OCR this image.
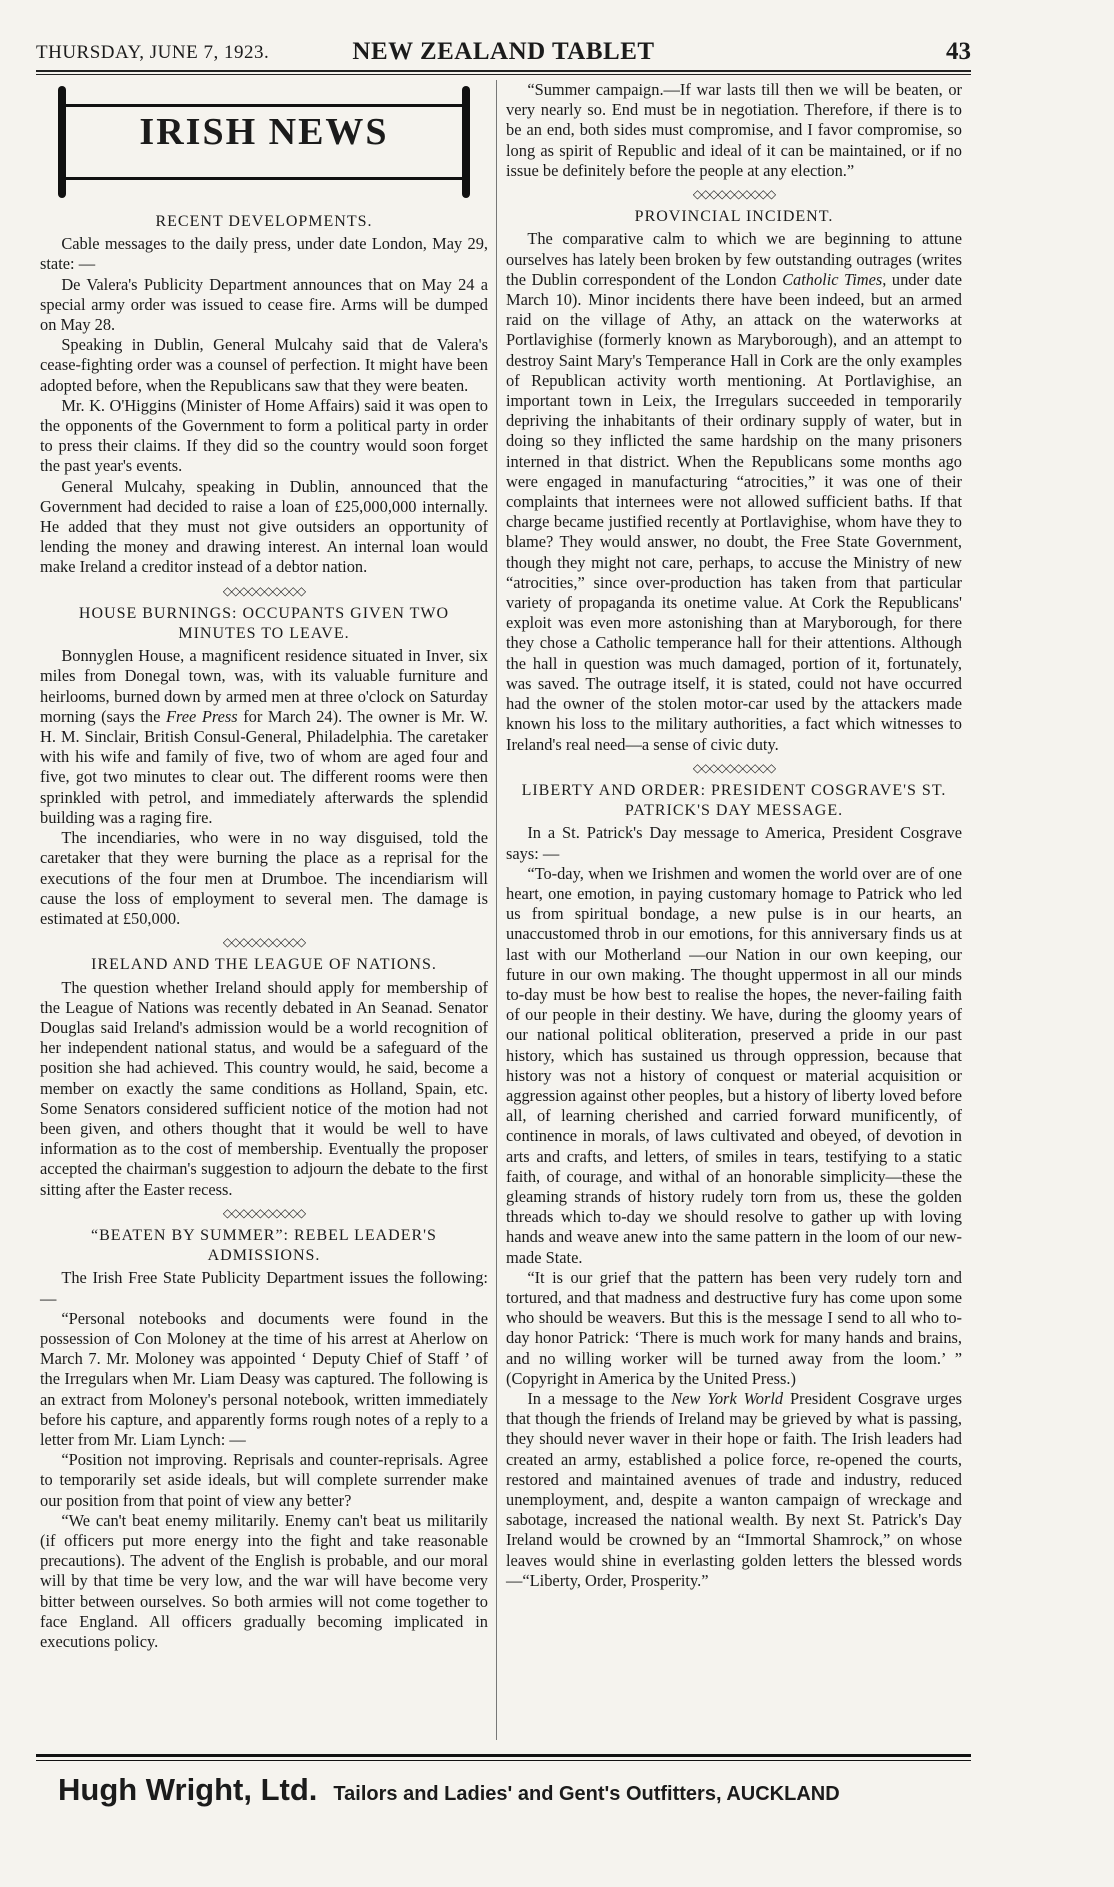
THURSDAY, JUNE 7, 1923.	NEW ZEALAND TABLET	43
IRISH NEWS
RECENT DEVELOPMENTS.

Cable messages to the daily press, under date London, May 29, state: —

De Valera's Publicity Department announces that on May 24 a special army order was issued to cease fire. Arms will be dumped on May 28.

Speaking in Dublin, General Mulcahy said that de Valera's cease-fighting order was a counsel of perfection. It might have been adopted before, when the Republicans saw that they were beaten.

Mr. K. O'Higgins (Minister of Home Affairs) said it was open to the opponents of the Government to form a political party in order to press their claims. If they did so the country would soon forget the past year's events.

General Mulcahy, speaking in Dublin, announced that the Government had decided to raise a loan of £25,000,000 internally. He added that they must not give outsiders an opportunity of lending the money and drawing interest. An internal loan would make Ireland a creditor instead of a debtor nation.

◇◇◇◇◇◇◇◇◇◇
HOUSE BURNINGS: OCCUPANTS GIVEN TWO MINUTES TO LEAVE.

Bonnyglen House, a magnificent residence situated in Inver, six miles from Donegal town, was, with its valuable furniture and heirlooms, burned down by armed men at three o'clock on Saturday morning (says the Free Press for March 24). The owner is Mr. W. H. M. Sinclair, British Consul-General, Philadelphia. The caretaker with his wife and family of five, two of whom are aged four and five, got two minutes to clear out. The different rooms were then sprinkled with petrol, and immediately afterwards the splendid building was a raging fire.

The incendiaries, who were in no way disguised, told the caretaker that they were burning the place as a reprisal for the executions of the four men at Drumboe. The incendiarism will cause the loss of employment to several men. The damage is estimated at £50,000.

◇◇◇◇◇◇◇◇◇◇
IRELAND AND THE LEAGUE OF NATIONS.

The question whether Ireland should apply for membership of the League of Nations was recently debated in An Seanad. Senator Douglas said Ireland's admission would be a world recognition of her independent national status, and would be a safeguard of the position she had achieved. This country would, he said, become a member on exactly the same conditions as Holland, Spain, etc. Some Senators considered sufficient notice of the motion had not been given, and others thought that it would be well to have information as to the cost of membership. Eventually the proposer accepted the chairman's suggestion to adjourn the debate to the first sitting after the Easter recess.

◇◇◇◇◇◇◇◇◇◇
“BEATEN BY SUMMER”: REBEL LEADER'S ADMISSIONS.

The Irish Free State Publicity Department issues the following: —

“Personal notebooks and documents were found in the possession of Con Moloney at the time of his arrest at Aherlow on March 7. Mr. Moloney was appointed ‘ Deputy Chief of Staff ’ of the Irregulars when Mr. Liam Deasy was captured. The following is an extract from Moloney's personal notebook, written immediately before his capture, and apparently forms rough notes of a reply to a letter from Mr. Liam Lynch: —

“Position not improving. Reprisals and counter-reprisals. Agree to temporarily set aside ideals, but will complete surrender make our position from that point of view any better?

“We can't beat enemy militarily. Enemy can't beat us militarily (if officers put more energy into the fight and take reasonable precautions). The advent of the English is probable, and our moral will by that time be very low, and the war will have become very bitter between ourselves. So both armies will not come together to face England. All officers gradually becoming implicated in executions policy.

“Summer campaign.—If war lasts till then we will be beaten, or very nearly so. End must be in negotiation. Therefore, if there is to be an end, both sides must compromise, and I favor compromise, so long as spirit of Republic and ideal of it can be maintained, or if no issue be definitely before the people at any election.”

◇◇◇◇◇◇◇◇◇◇
PROVINCIAL INCIDENT.

The comparative calm to which we are beginning to attune ourselves has lately been broken by few outstanding outrages (writes the Dublin correspondent of the London Catholic Times, under date March 10). Minor incidents there have been indeed, but an armed raid on the village of Athy, an attack on the waterworks at Portlavighise (formerly known as Maryborough), and an attempt to destroy Saint Mary's Temperance Hall in Cork are the only examples of Republican activity worth mentioning. At Portlavighise, an important town in Leix, the Irregulars succeeded in temporarily depriving the inhabitants of their ordinary supply of water, but in doing so they inflicted the same hardship on the many prisoners interned in that district. When the Republicans some months ago were engaged in manufacturing “atrocities,” it was one of their complaints that internees were not allowed sufficient baths. If that charge became justified recently at Portlavighise, whom have they to blame? They would answer, no doubt, the Free State Government, though they might not care, perhaps, to accuse the Ministry of new “atrocities,” since over-production has taken from that particular variety of propaganda its onetime value. At Cork the Republicans' exploit was even more astonishing than at Maryborough, for there they chose a Catholic temperance hall for their attentions. Although the hall in question was much damaged, portion of it, fortunately, was saved. The outrage itself, it is stated, could not have occurred had the owner of the stolen motor-car used by the attackers made known his loss to the military authorities, a fact which witnesses to Ireland's real need—a sense of civic duty.

◇◇◇◇◇◇◇◇◇◇
LIBERTY AND ORDER: PRESIDENT COSGRAVE'S ST. PATRICK'S DAY MESSAGE.

In a St. Patrick's Day message to America, President Cosgrave says: —

“To-day, when we Irishmen and women the world over are of one heart, one emotion, in paying customary homage to Patrick who led us from spiritual bondage, a new pulse is in our hearts, an unaccustomed throb in our emotions, for this anniversary finds us at last with our Motherland —our Nation in our own keeping, our future in our own making. The thought uppermost in all our minds to-day must be how best to realise the hopes, the never-failing faith of our people in their destiny. We have, during the gloomy years of our national political obliteration, preserved a pride in our past history, which has sustained us through oppression, because that history was not a history of conquest or material acquisition or aggression against other peoples, but a history of liberty loved before all, of learning cherished and carried forward munificently, of continence in morals, of laws cultivated and obeyed, of devotion in arts and crafts, and letters, of smiles in tears, testifying to a static faith, of courage, and withal of an honorable simplicity—these the gleaming strands of history rudely torn from us, these the golden threads which to-day we should resolve to gather up with loving hands and weave anew into the same pattern in the loom of our new-made State.

“It is our grief that the pattern has been very rudely torn and tortured, and that madness and destructive fury has come upon some who should be weavers. But this is the message I send to all who to-day honor Patrick: ‘There is much work for many hands and brains, and no willing worker will be turned away from the loom.’ ” (Copyright in America by the United Press.)

In a message to the New York World President Cosgrave urges that though the friends of Ireland may be grieved by what is passing, they should never waver in their hope or faith. The Irish leaders had created an army, established a police force, re-opened the courts, restored and maintained avenues of trade and industry, reduced unemployment, and, despite a wanton campaign of wreckage and sabotage, increased the national wealth. By next St. Patrick's Day Ireland would be crowned by an “Immortal Shamrock,” on whose leaves would shine in everlasting golden letters the blessed words—“Liberty, Order, Prosperity.”

Hugh Wright, Ltd. Tailors and Ladies' and Gent's Outfitters, AUCKLAND
